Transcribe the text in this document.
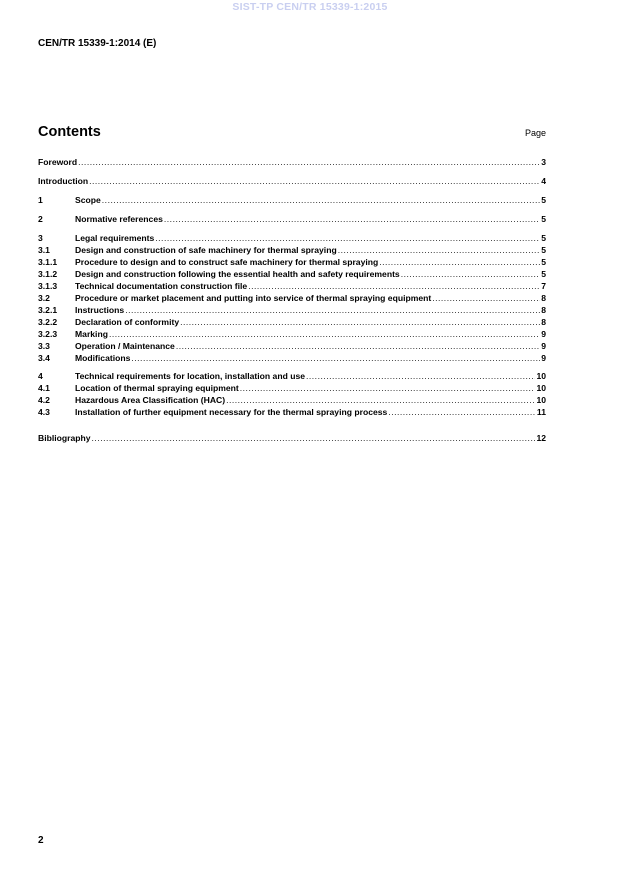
SIST-TP CEN/TR 15339-1:2015
CEN/TR 15339-1:2014 (E)
Contents	Page
Foreword .....	3
Introduction .....	4
1	Scope .....	5
2	Normative references .....	5
3	Legal requirements .....	5
3.1	Design and construction of safe machinery for thermal spraying .....	5
3.1.1	Procedure to design and to construct safe machinery for thermal spraying .....	5
3.1.2	Design and construction following the essential health and safety requirements .....	5
3.1.3	Technical documentation construction file .....	7
3.2	Procedure or market placement and putting into service of thermal spraying equipment .....	8
3.2.1	Instructions .....	8
3.2.2	Declaration of conformity .....	8
3.2.3	Marking .....	9
3.3	Operation / Maintenance .....	9
3.4	Modifications .....	9
4	Technical requirements for location, installation and use .....	10
4.1	Location of thermal spraying equipment .....	10
4.2	Hazardous Area Classification (HAC) .....	10
4.3	Installation of further equipment necessary for the thermal spraying process .....	11
Bibliography .....	12
2
